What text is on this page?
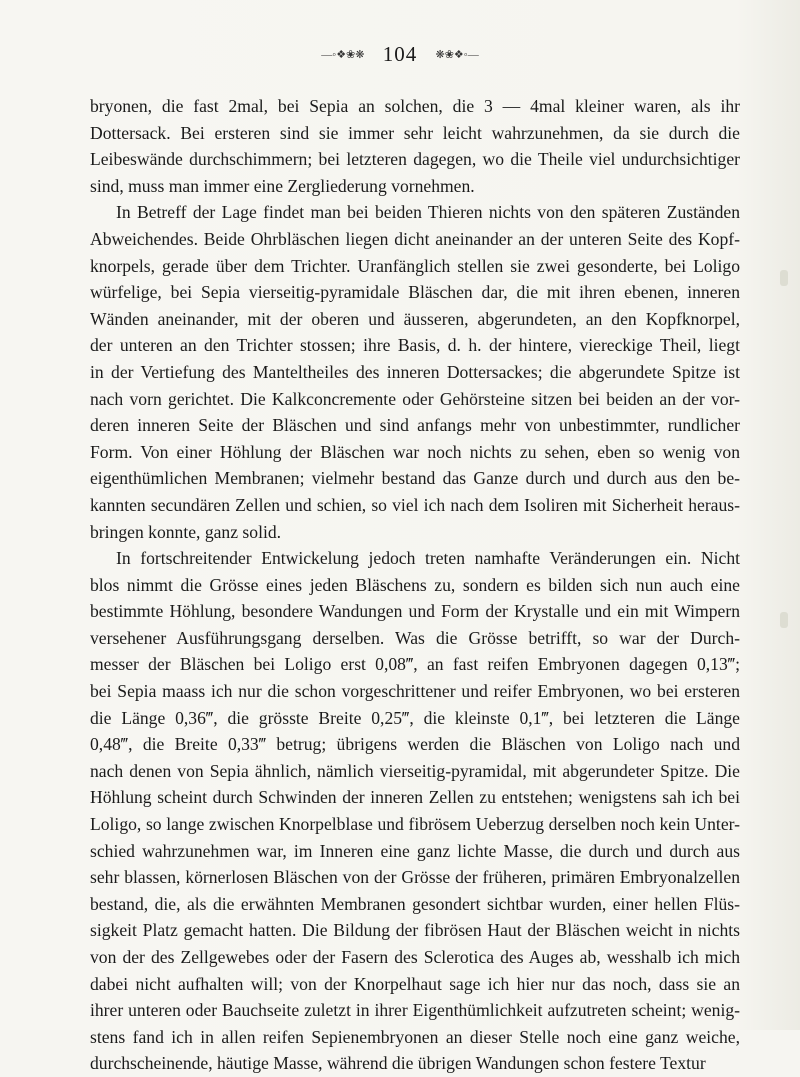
—◦❖❀❋ 104 ❋❀❖◦—
bryonen, die fast 2mal, bei Sepia an solchen, die 3 — 4mal kleiner waren, als ihr
Dottersack. Bei ersteren sind sie immer sehr leicht wahrzunehmen, da sie durch die
Leibeswände durchschimmern; bei letzteren dagegen, wo die Theile viel undurchsichtiger
sind, muss man immer eine Zergliederung vornehmen.
In Betreff der Lage findet man bei beiden Thieren nichts von den späteren Zuständen
Abweichendes. Beide Ohrbläschen liegen dicht aneinander an der unteren Seite des Kopf-
knorpels, gerade über dem Trichter. Uranfänglich stellen sie zwei gesonderte, bei Loligo
würfelige, bei Sepia vierseitig-pyramidale Bläschen dar, die mit ihren ebenen, inneren
Wänden aneinander, mit der oberen und äusseren, abgerundeten, an den Kopfknorpel,
der unteren an den Trichter stossen; ihre Basis, d. h. der hintere, viereckige Theil, liegt
in der Vertiefung des Manteltheiles des inneren Dottersackes; die abgerundete Spitze ist
nach vorn gerichtet. Die Kalkconcremente oder Gehörsteine sitzen bei beiden an der vor-
deren inneren Seite der Bläschen und sind anfangs mehr von unbestimmter, rundlicher
Form. Von einer Höhlung der Bläschen war noch nichts zu sehen, eben so wenig von
eigenthümlichen Membranen; vielmehr bestand das Ganze durch und durch aus den be-
kannten secundären Zellen und schien, so viel ich nach dem Isoliren mit Sicherheit heraus-
bringen konnte, ganz solid.
In fortschreitender Entwickelung jedoch treten namhafte Veränderungen ein. Nicht
blos nimmt die Grösse eines jeden Bläschens zu, sondern es bilden sich nun auch eine
bestimmte Höhlung, besondere Wandungen und Form der Krystalle und ein mit Wimpern
versehener Ausführungsgang derselben. Was die Grösse betrifft, so war der Durch-
messer der Bläschen bei Loligo erst 0,08‴, an fast reifen Embryonen dagegen 0,13‴;
bei Sepia maass ich nur die schon vorgeschrittener und reifer Embryonen, wo bei ersteren
die Länge 0,36‴, die grösste Breite 0,25‴, die kleinste 0,1‴, bei letzteren die Länge
0,48‴, die Breite 0,33‴ betrug; übrigens werden die Bläschen von Loligo nach und
nach denen von Sepia ähnlich, nämlich vierseitig-pyramidal, mit abgerundeter Spitze. Die
Höhlung scheint durch Schwinden der inneren Zellen zu entstehen; wenigstens sah ich bei
Loligo, so lange zwischen Knorpelblase und fibrösem Ueberzug derselben noch kein Unter-
schied wahrzunehmen war, im Inneren eine ganz lichte Masse, die durch und durch aus
sehr blassen, körnerlosen Bläschen von der Grösse der früheren, primären Embryonalzellen
bestand, die, als die erwähnten Membranen gesondert sichtbar wurden, einer hellen Flüs-
sigkeit Platz gemacht hatten. Die Bildung der fibrösen Haut der Bläschen weicht in nichts
von der des Zellgewebes oder der Fasern des Sclerotica des Auges ab, wesshalb ich mich
dabei nicht aufhalten will; von der Knorpelhaut sage ich hier nur das noch, dass sie an
ihrer unteren oder Bauchseite zuletzt in ihrer Eigenthümlichkeit aufzutreten scheint; wenig-
stens fand ich in allen reifen Sepienembryonen an dieser Stelle noch eine ganz weiche,
durchscheinende, häutige Masse, während die übrigen Wandungen schon festere Textur
